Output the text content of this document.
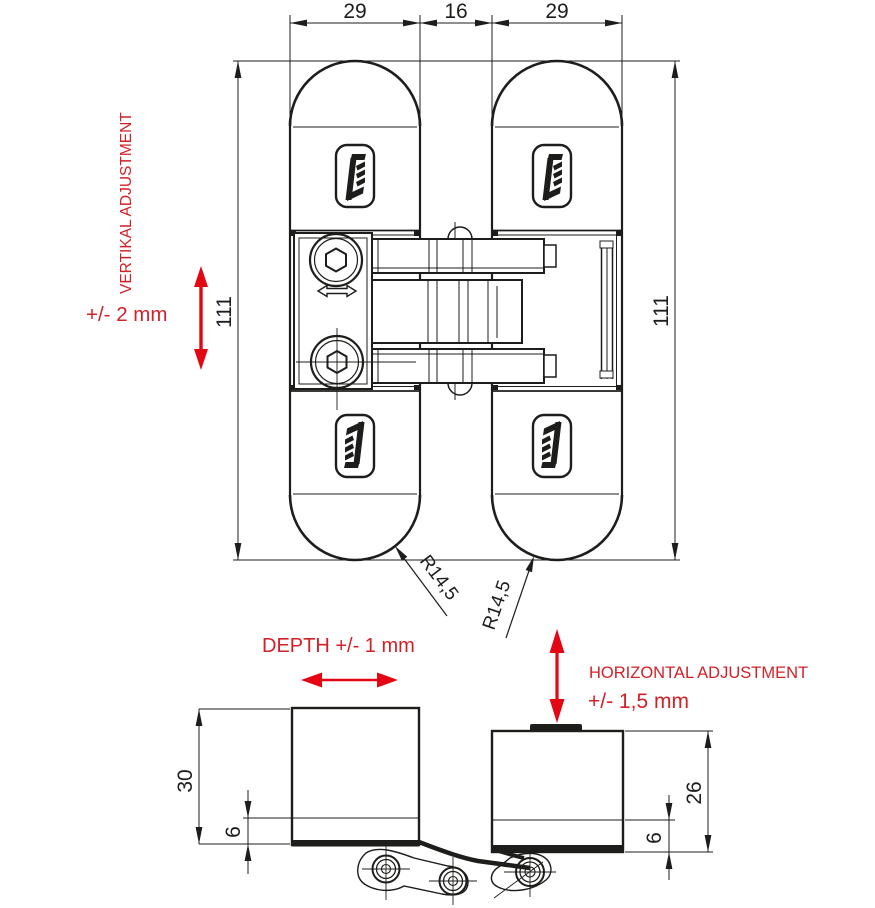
29	16	29
111	111
VERTIKAL ADJUSTMENT
+/- 2 mm
R14,5 R14,5
DEPTH +/- 1 mm
HORIZONTAL ADJUSTMENT
+/- 1,5 mm
30
6
26
6
